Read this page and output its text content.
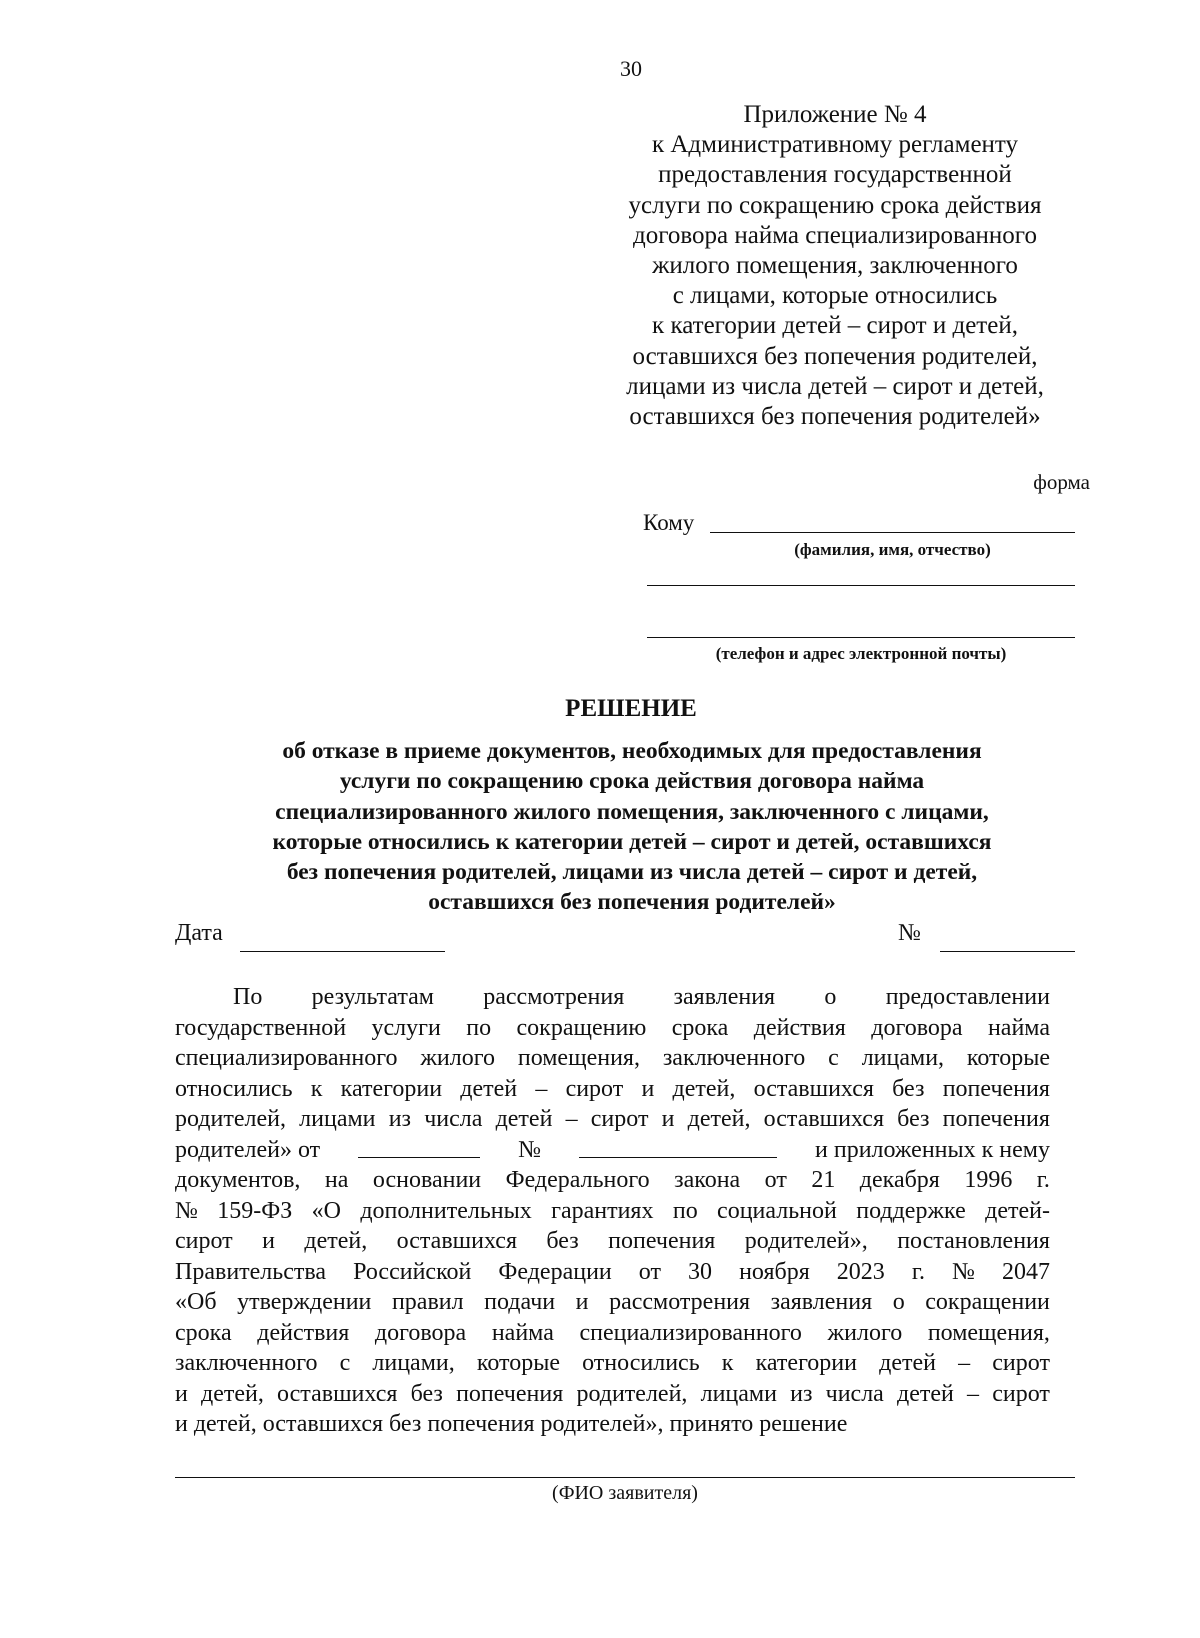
30
Приложение № 4
к Административному регламенту
предоставления государственной
услуги по сокращению срока действия
договора найма специализированного
жилого помещения, заключенного
с лицами, которые относились
к категории детей – сирот и детей,
оставшихся без попечения родителей,
лицами из числа детей – сирот и детей,
оставшихся без попечения родителей»
форма
Кому
(фамилия, имя, отчество)
(телефон и адрес электронной почты)
РЕШЕНИЕ
об отказе в приеме документов, необходимых для предоставления
услуги по сокращению срока действия договора найма
специализированного жилого помещения, заключенного с лицами,
которые относились к категории детей – сирот и детей, оставшихся
без попечения родителей, лицами из числа детей – сирот и детей,
оставшихся без попечения родителей»
Дата	№
По результатам рассмотрения заявления о предоставлении
государственной услуги по сокращению срока действия договора найма
специализированного жилого помещения, заключенного с лицами, которые
относились к категории детей – сирот и детей, оставшихся без попечения
родителей, лицами из числа детей – сирот и детей, оставшихся без попечения
родителей» от	№	и приложенных к нему
документов, на основании Федерального закона от 21 декабря 1996 г.
№ 159-ФЗ «О дополнительных гарантиях по социальной поддержке детей-
сирот и детей, оставшихся без попечения родителей», постановления
Правительства Российской Федерации от 30 ноября 2023 г. № 2047
«Об утверждении правил подачи и рассмотрения заявления о сокращении
срока действия договора найма специализированного жилого помещения,
заключенного с лицами, которые относились к категории детей – сирот
и детей, оставшихся без попечения родителей, лицами из числа детей – сирот
и детей, оставшихся без попечения родителей», принято решение
(ФИО заявителя)
